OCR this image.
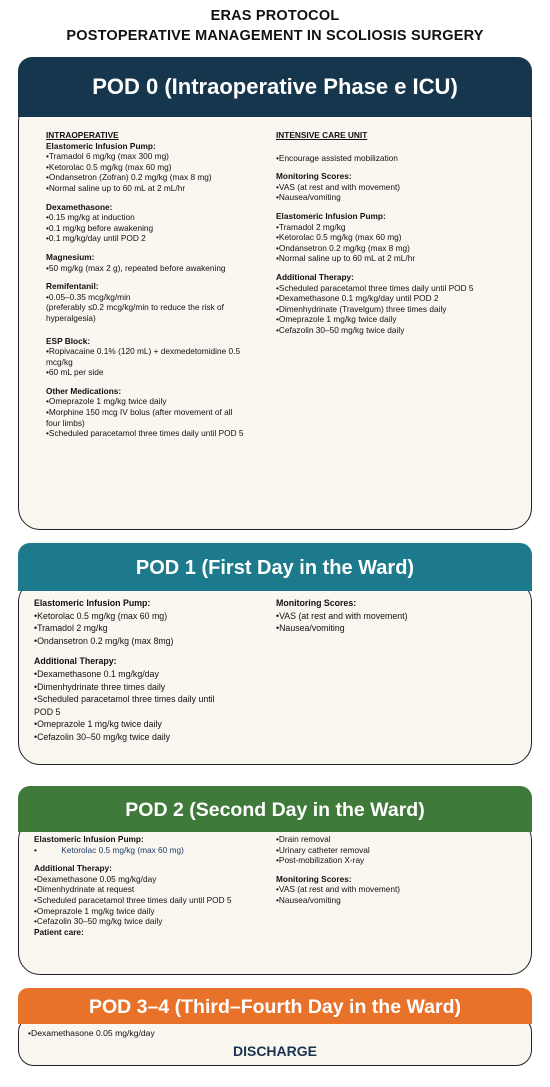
ERAS PROTOCOL
POSTOPERATIVE MANAGEMENT IN SCOLIOSIS SURGERY
POD 0 (Intraoperative Phase e ICU)

INTRAOPERATIVE

Elastomeric Infusion Pump:

•Tramadol 6 mg/kg (max 300 mg)

•Ketorolac 0.5 mg/kg (max 60 mg)

•Ondansetron (Zofran) 0.2 mg/kg (max 8 mg)

•Normal saline up to 60 mL at 2 mL/hr

Dexamethasone:

•0.15 mg/kg at induction

•0.1 mg/kg before awakening

•0.1 mg/kg/day until POD 2

Magnesium:

•50 mg/kg (max 2 g), repeated before awakening

Remifentanil:

•0.05–0.35 mcg/kg/min

(preferably ≤0.2 mcg/kg/min to reduce the risk of

hyperalgesia)

ESP Block:

•Ropivacaine 0.1% (120 mL) + dexmedetomidine 0.5

mcg/kg

•60 mL per side

Other Medications:

•Omeprazole 1 mg/kg twice daily

•Morphine 150 mcg IV bolus (after movement of all

four limbs)

•Scheduled paracetamol three times daily until POD 5

INTENSIVE CARE UNIT

•Encourage assisted mobilization

Monitoring Scores:

•VAS (at rest and with movement)

•Nausea/vomiting

Elastomeric Infusion Pump:

•Tramadol 2 mg/kg

•Ketorolac 0.5 mg/kg (max 60 mg)

•Ondansetron 0.2 mg/kg (max 8 mg)

•Normal saline up to 60 mL at 2 mL/hr

Additional Therapy:

•Scheduled paracetamol three times daily until POD 5

•Dexamethasone 0.1 mg/kg/day until POD 2

•Dimenhydrinate (Travelgum) three times daily

•Omeprazole 1 mg/kg twice daily

•Cefazolin 30–50 mg/kg twice daily

POD 1 (First Day in the Ward)

Elastomeric Infusion Pump:

•Ketorolac 0.5 mg/kg (max 60 mg)

•Tramadol 2 mg/kg

•Ondansetron 0.2 mg/kg (max 8mg)

Additional Therapy:

•Dexamethasone 0.1 mg/kg/day

•Dimenhydrinate three times daily

•Scheduled paracetamol three times daily until

POD 5

•Omeprazole 1 mg/kg twice daily

•Cefazolin 30–50 mg/kg twice daily

Monitoring Scores:

•VAS (at rest and with movement)

•Nausea/vomiting

POD 2 (Second Day in the Ward)

Elastomeric Infusion Pump:

•	Ketorolac 0.5 mg/kg (max 60 mg)

Additional Therapy:

•Dexamethasone 0.05 mg/kg/day

•Dimenhydrinate at request

•Scheduled paracetamol three times daily until POD 5

•Omeprazole 1 mg/kg twice daily

•Cefazolin 30–50 mg/kg twice daily

Patient care:

•Drain removal

•Urinary catheter removal

•Post-mobilization X-ray

Monitoring Scores:

•VAS (at rest and with movement)

•Nausea/vomiting

POD 3–4 (Third–Fourth Day in the Ward)
•Dexamethasone 0.05 mg/kg/day
DISCHARGE
